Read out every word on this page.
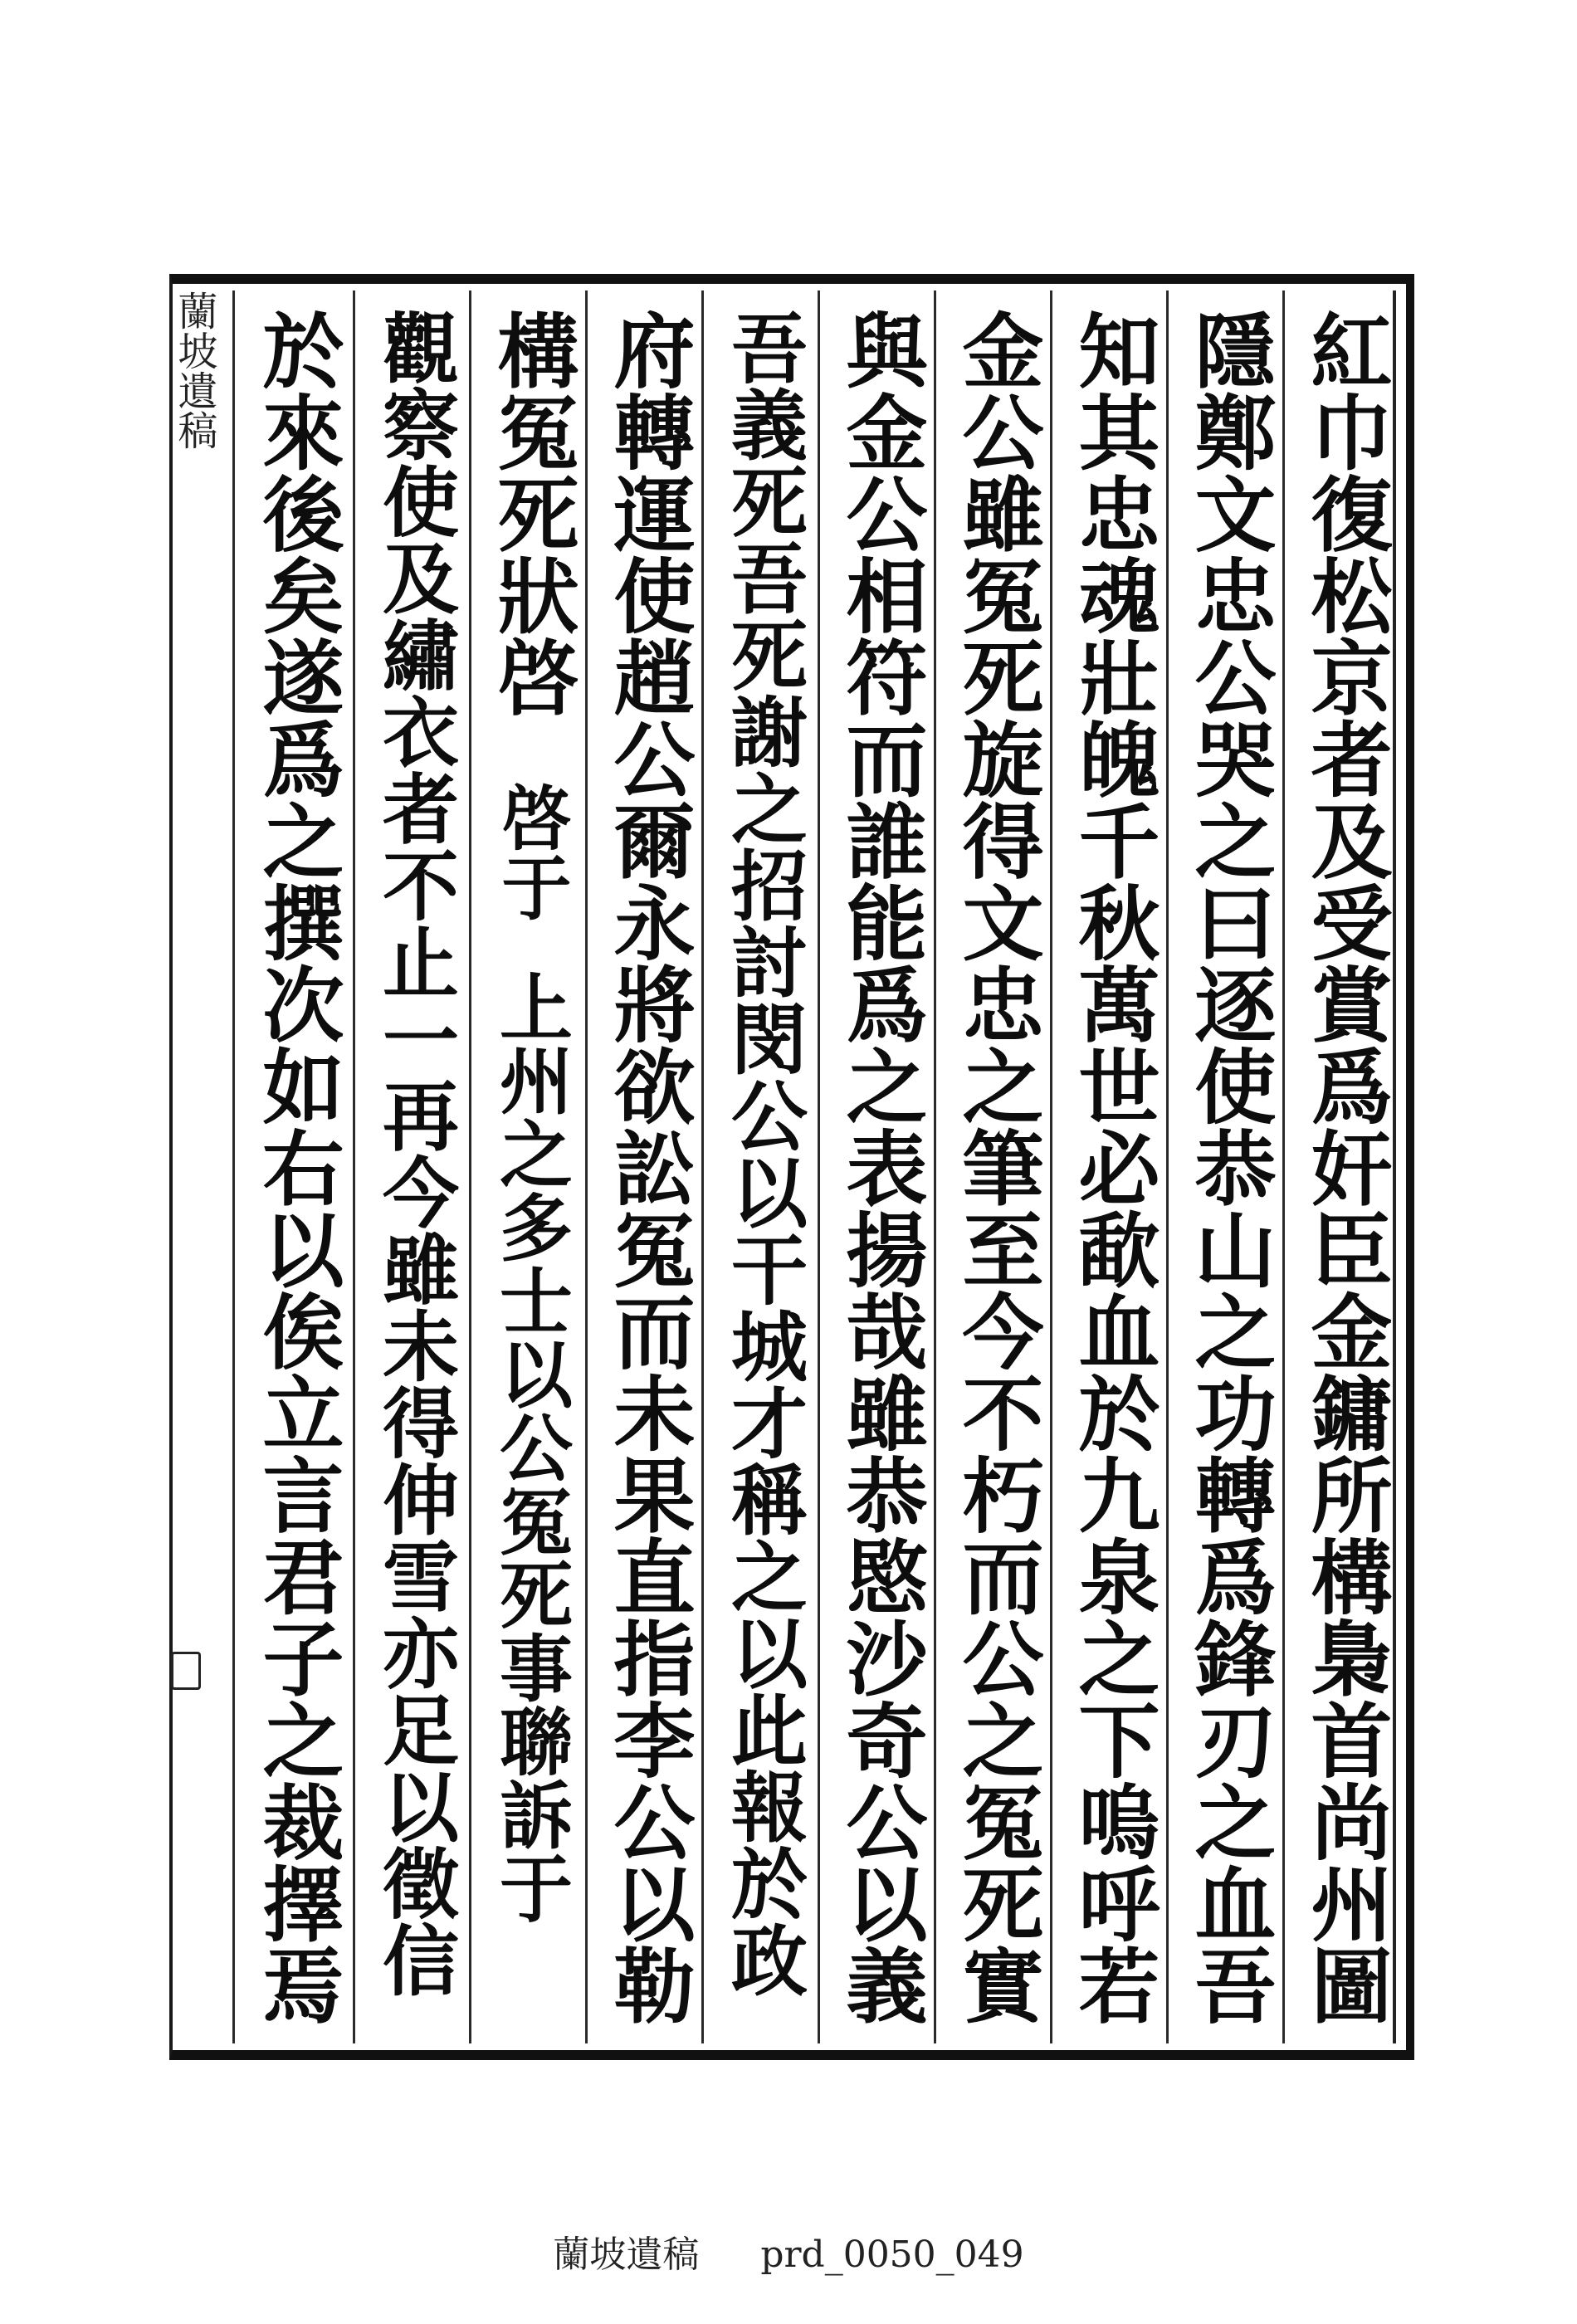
蘭坡遺稿	紅巾復松京者及受賞爲奸臣金鏞所構梟首尚州圖
隱鄭文忠公哭之曰逐使恭山之功轉爲鋒刃之血吾
知其忠魂壯魄千秋萬世必歃血於九泉之下嗚呼若
金公雖冤死旋得文忠之筆至今不朽而公之冤死實
與金公相符而誰能爲之表揚哉雖恭愍沙奇公以義
吾義死吾死謝之招討閔公以干城才稱之以此報於政
府轉運使趙公爾永將欲訟冤而未果直指李公以勒
構冤死狀啓
啓于
上州之多士以公冤死事聯訴于
觀察使及繡衣者不止一再今雖未得伸雪亦足以徵信
於來後矣遂爲之撰次如右以俟立言君子之裁擇焉
蘭坡遺稿 prd_0050_049
